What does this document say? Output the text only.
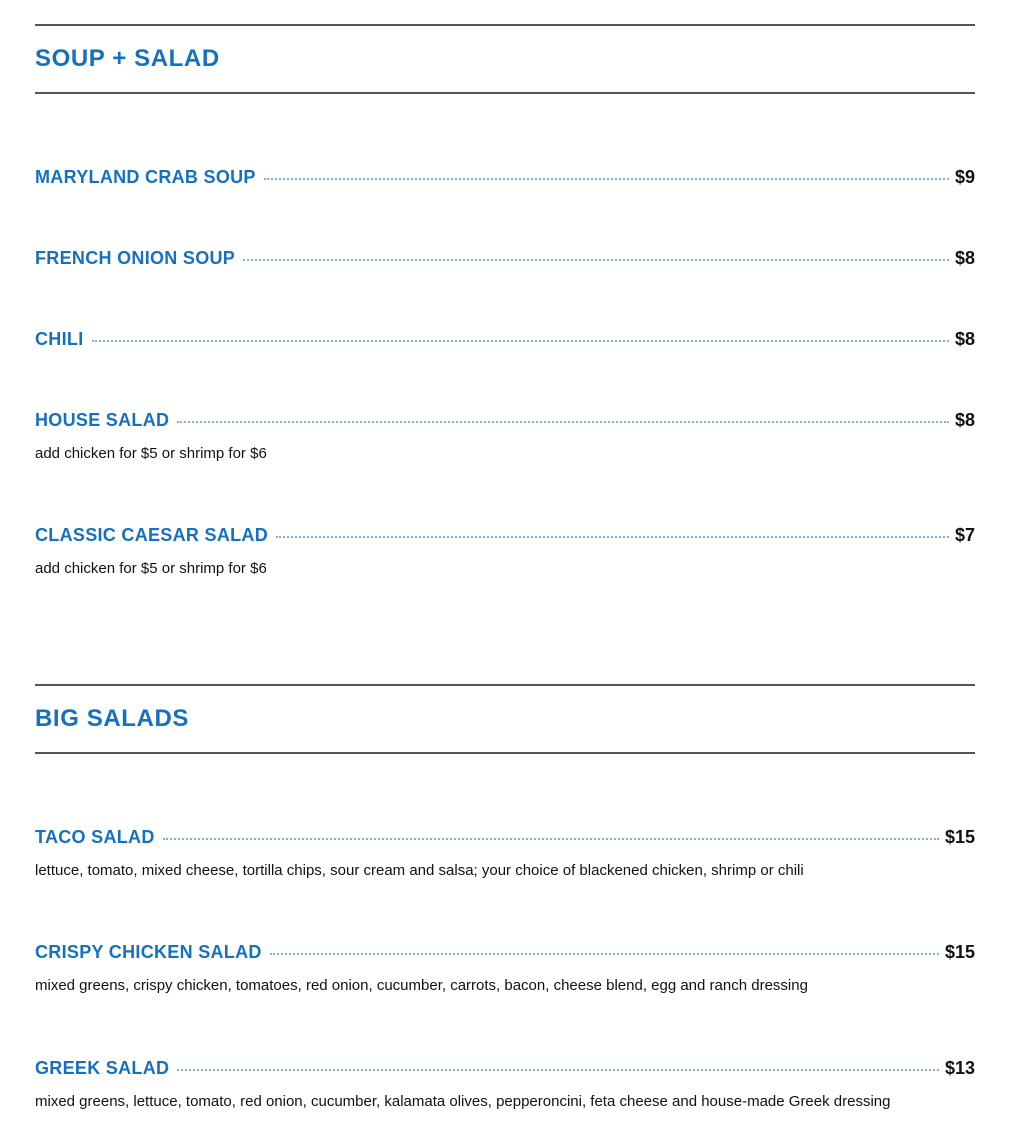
SOUP + SALAD
MARYLAND CRAB SOUP	$9
FRENCH ONION SOUP	$8
CHILI	$8
HOUSE SALAD	$8
add chicken for $5 or shrimp for $6
CLASSIC CAESAR SALAD	$7
add chicken for $5 or shrimp for $6
BIG SALADS
TACO SALAD	$15
lettuce, tomato, mixed cheese, tortilla chips, sour cream and salsa; your choice of blackened chicken, shrimp or chili
CRISPY CHICKEN SALAD	$15
mixed greens, crispy chicken, tomatoes, red onion, cucumber, carrots, bacon, cheese blend, egg and ranch dressing
GREEK SALAD	$13
mixed greens, lettuce, tomato, red onion, cucumber, kalamata olives, pepperoncini, feta cheese and house-made Greek dressing
